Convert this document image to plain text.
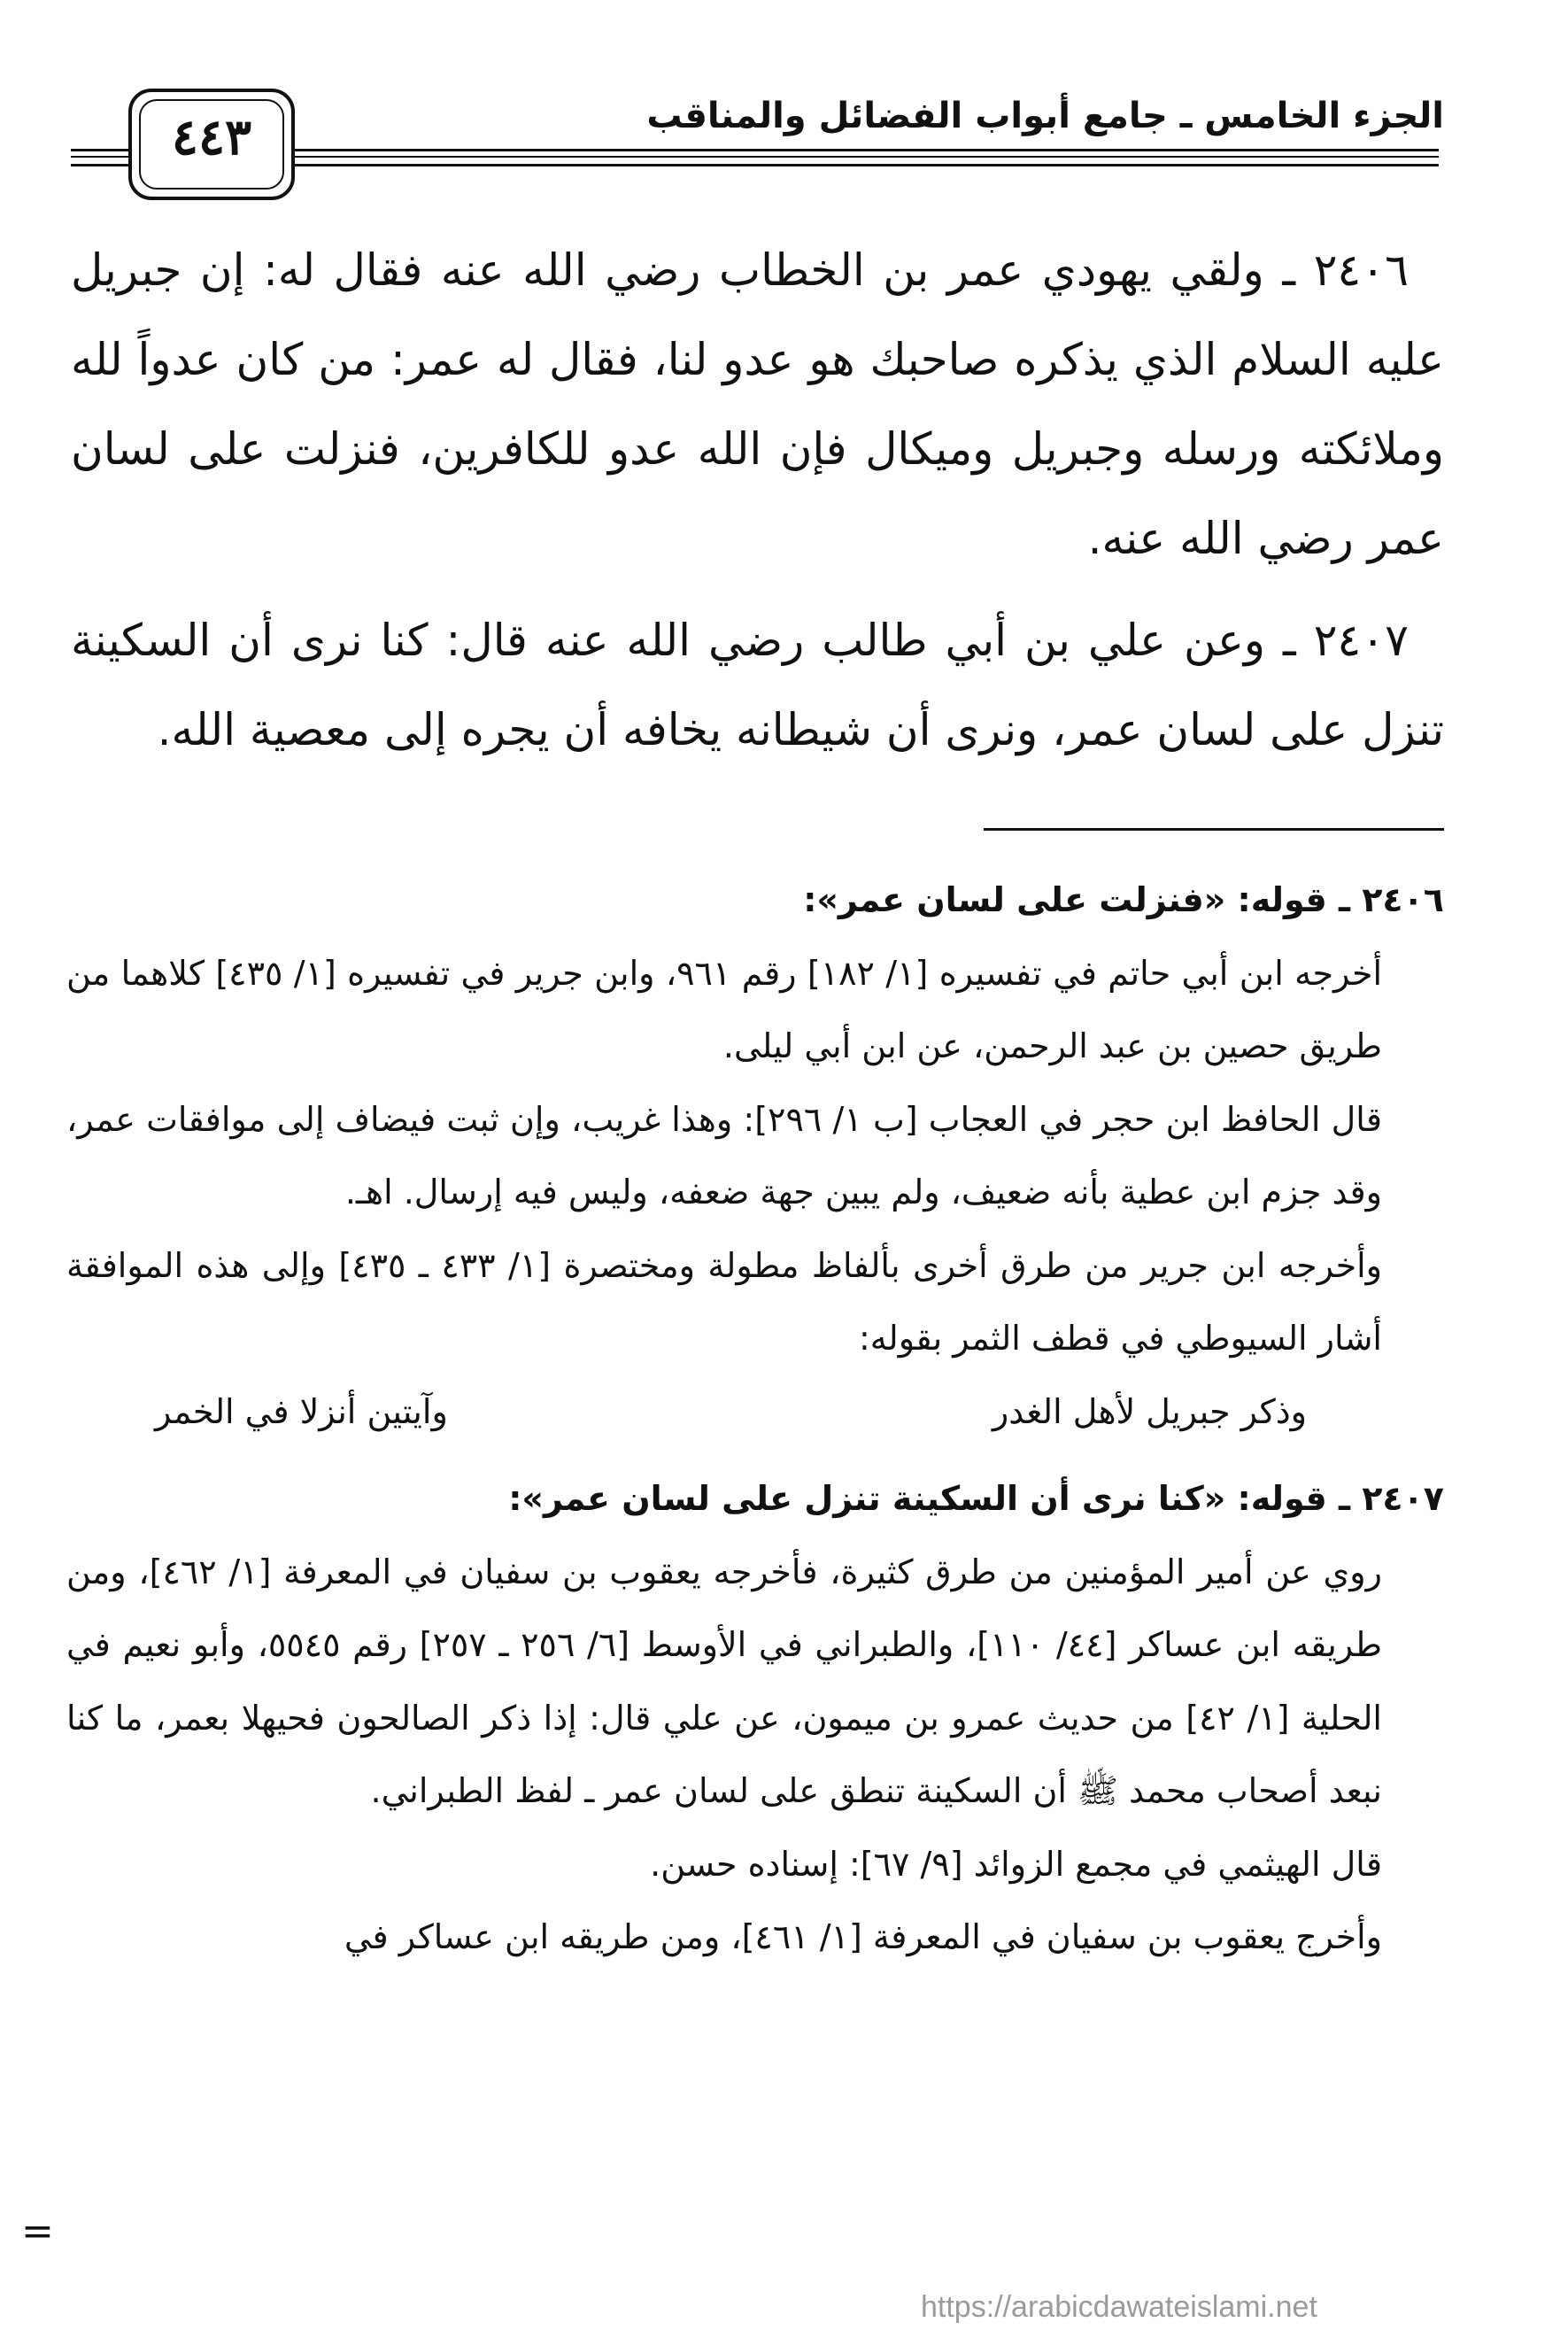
الجزء الخامس ـ جامع أبواب الفضائل والمناقب
٤٤٣

٢٤٠٦ ـ ولقي يهودي عمر بن الخطاب رضي الله عنه فقال له: إن جبريل عليه السلام الذي يذكره صاحبك هو عدو لنا، فقال له عمر: من كان عدواً لله وملائكته ورسله وجبريل وميكال فإن الله عدو للكافرين، فنزلت على لسان عمر رضي الله عنه.

٢٤٠٧ ـ وعن علي بن أبي طالب رضي الله عنه قال: كنا نرى أن السكينة تنزل على لسان عمر، ونرى أن شيطانه يخافه أن يجره إلى معصية الله.

٢٤٠٦ ـ قوله: «فنزلت على لسان عمر»:

أخرجه ابن أبي حاتم في تفسيره [١/ ١٨٢] رقم ٩٦١، وابن جرير في تفسيره [١/ ٤٣٥] كلاهما من طريق حصين بن عبد الرحمن، عن ابن أبي ليلى.

قال الحافظ ابن حجر في العجاب [ب ١/ ٢٩٦]: وهذا غريب، وإن ثبت فيضاف إلى موافقات عمر، وقد جزم ابن عطية بأنه ضعيف، ولم يبين جهة ضعفه، وليس فيه إرسال. اهـ.

وأخرجه ابن جرير من طرق أخرى بألفاظ مطولة ومختصرة [١/ ٤٣٣ ـ ٤٣٥] وإلى هذه الموافقة أشار السيوطي في قطف الثمر بقوله:

وذكر جبريل لأهل الغدر
وآيتين أنزلا في الخمر

٢٤٠٧ ـ قوله: «كنا نرى أن السكينة تنزل على لسان عمر»:

روي عن أمير المؤمنين من طرق كثيرة، فأخرجه يعقوب بن سفيان في المعرفة [١/ ٤٦٢]، ومن طريقه ابن عساكر [٤٤/ ١١٠]، والطبراني في الأوسط [٦/ ٢٥٦ ـ ٢٥٧] رقم ٥٥٤٥، وأبو نعيم في الحلية [١/ ٤٢] من حديث عمرو بن ميمون، عن علي قال: إذا ذكر الصالحون فحيهلا بعمر، ما كنا نبعد أصحاب محمد ﷺ أن السكينة تنطق على لسان عمر ـ لفظ الطبراني.

قال الهيثمي في مجمع الزوائد [٩/ ٦٧]: إسناده حسن.

وأخرج يعقوب بن سفيان في المعرفة [١/ ٤٦١]، ومن طريقه ابن عساكر في

=
https://arabicdawateislami.net
